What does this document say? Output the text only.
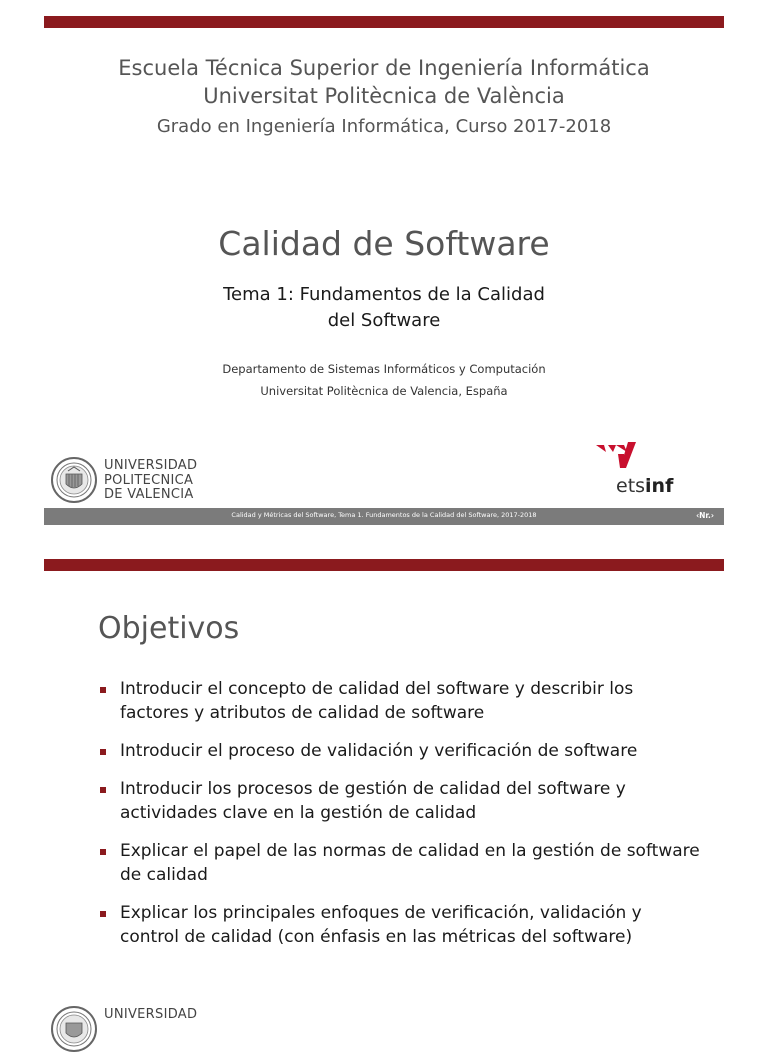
Escuela Técnica Superior de Ingeniería Informática
Universitat Politècnica de València
Grado en Ingeniería Informática, Curso 2017-2018
Calidad de Software
Tema 1: Fundamentos de la Calidad
del Software
Departamento de Sistemas Informáticos y Computación
Universitat Politècnica de Valencia, España
UNIVERSIDAD
POLITECNICA
DE VALENCIA	etsinf
Calidad y Métricas del Software, Tema 1. Fundamentos de la Calidad del Software, 2017-2018	‹Nr.›
Objetivos
Introducir el concepto de calidad del software y describir los factores y atributos de calidad de software
Introducir el proceso de validación y verificación de software
Introducir los procesos de gestión de calidad del software y actividades clave en la gestión de calidad
Explicar el papel de las normas de calidad en la gestión de software de calidad
Explicar los principales enfoques de verificación, validación y control de calidad (con énfasis en las métricas del software)
UNIVERSIDAD
